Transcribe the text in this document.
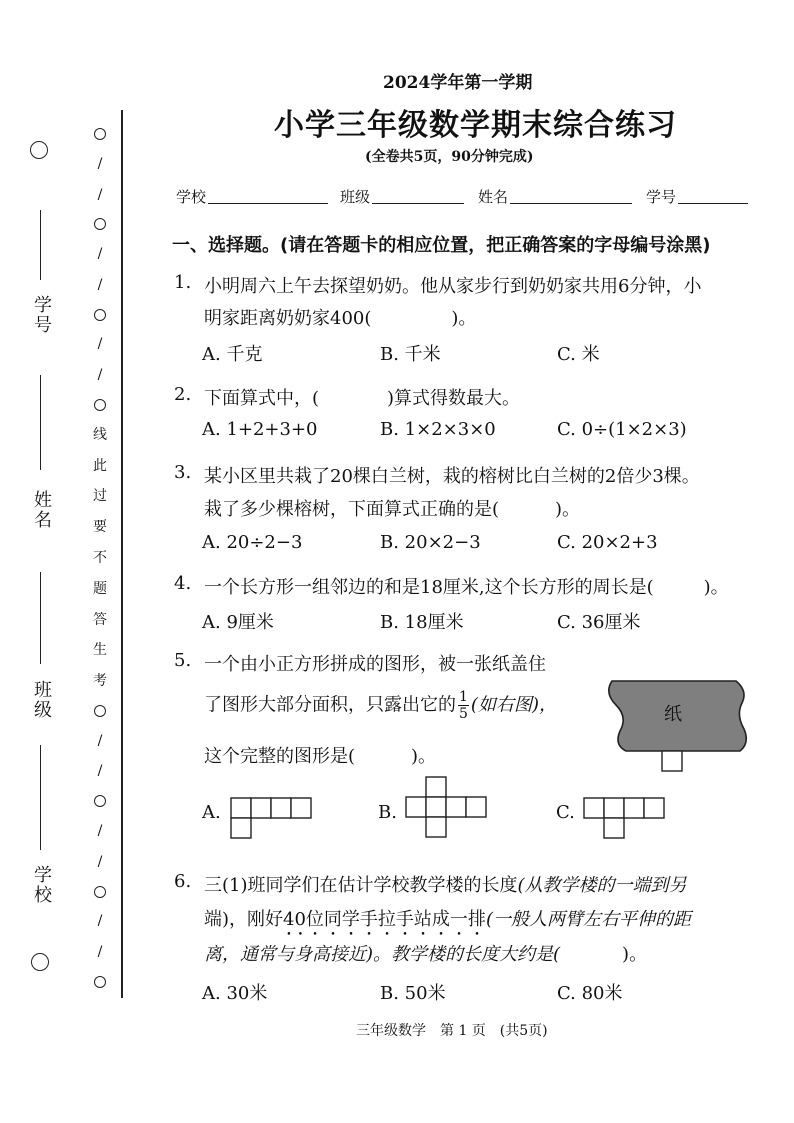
学号
姓名
班级
学校
/
/
/
/
/
/
线
此
过
要
不
题
答
生
考
/
/
/
/
/
/
2024学年第一学期
小学三年级数学期末综合练习
(全卷共5页，90分钟完成)
学校	班级	姓名	学号
一、选择题。(请在答题卡的相应位置，把正确答案的字母编号涂黑)
1. 小明周六上午去探望奶奶。他从家步行到奶奶家共用6分钟，小
明家距离奶奶家400(	)。
A. 千克	B. 千米	C. 米
2. 下面算式中，(	)算式得数最大。
A. 1+2+3+0	B. 1×2×3×0	C. 0÷(1×2×3)
3. 某小区里共栽了20棵白兰树，栽的榕树比白兰树的2倍少3棵。
栽了多少棵榕树，下面算式正确的是(	)。
A. 20÷2−3	B. 20×2−3	C. 20×2+3
4. 一个长方形一组邻边的和是18厘米,这个长方形的周长是(	)。
A. 9厘米	B. 18厘米	C. 36厘米
5. 一个由小正方形拼成的图形，被一张纸盖住
了图形大部分面积，只露出它的 $\frac{1}{5}$ (如右图)，
这个完整的图形是(	)。
纸
A.	B.	C.
6. 三(1)班同学们在估计学校教学楼的长度(从教学楼的一端到另
端)，刚好40位同学手拉手站成一排(一般人两臂左右平伸的距
离，通常与身高接近)。教学楼的长度大约是(	)。
A. 30米	B. 50米	C. 80米
三年级数学　第 1 页　(共5页)
